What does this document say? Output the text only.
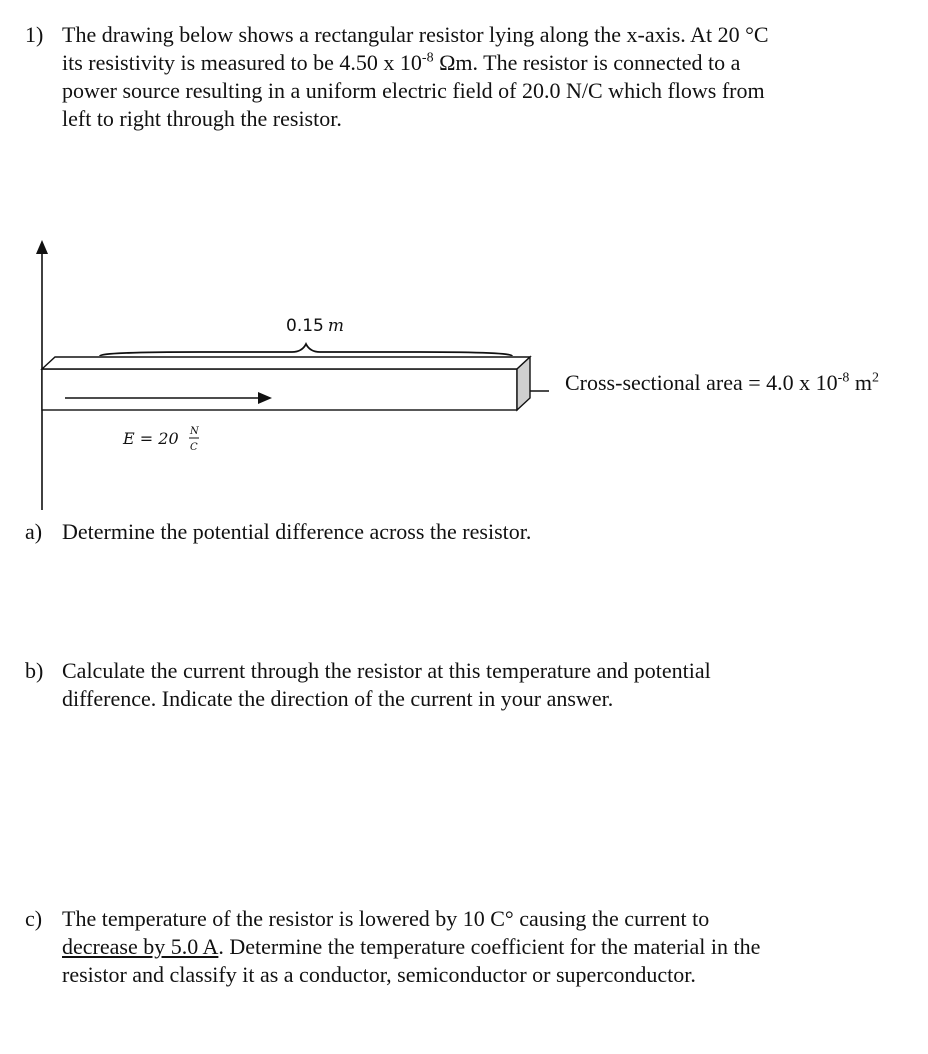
1) The drawing below shows a rectangular resistor lying along the x-axis. At 20 °C
its resistivity is measured to be 4.50 x $10^{-8}$ Ωm. The resistor is connected to a
power source resulting in a uniform electric field of 20.0 N/C which flows from
left to right through the resistor.
0.15 m
E = 20 N
C
Cross-sectional area = 4.0 x $10^{-8}$ $m^2$
a) Determine the potential difference across the resistor.
b) Calculate the current through the resistor at this temperature and potential
difference. Indicate the direction of the current in your answer.
c) The temperature of the resistor is lowered by 10 C° causing the current to
decrease by 5.0 A. Determine the temperature coefficient for the material in the
resistor and classify it as a conductor, semiconductor or superconductor.
